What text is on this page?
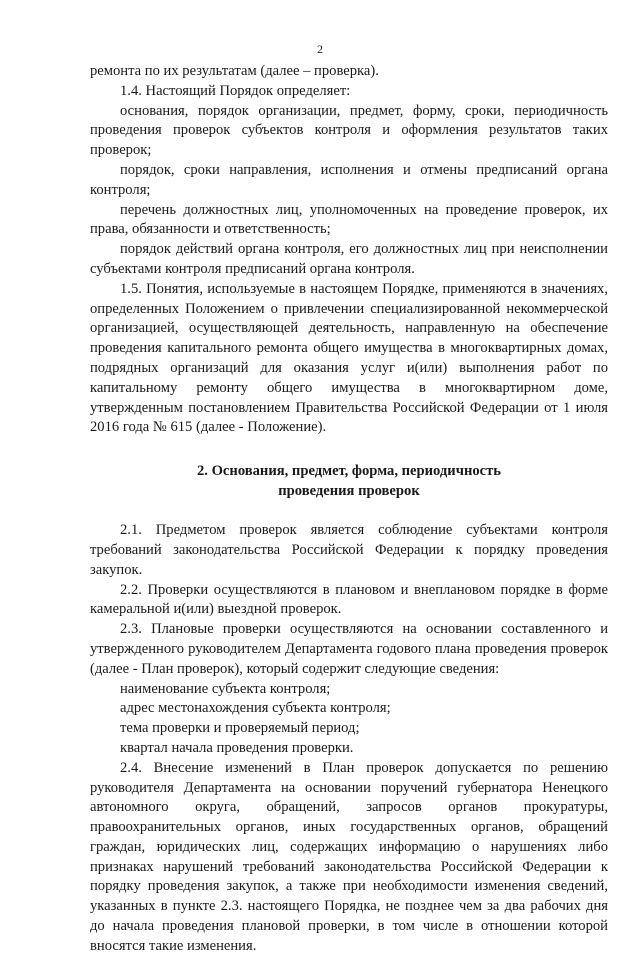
2

ремонта по их результатам (далее – проверка).

1.4. Настоящий Порядок определяет:

основания, порядок организации, предмет, форму, сроки, периодичность проведения проверок субъектов контроля и оформления результатов таких проверок;

порядок, сроки направления, исполнения и отмены предписаний органа контроля;

перечень должностных лиц, уполномоченных на проведение проверок, их права, обязанности и ответственность;

порядок действий органа контроля, его должностных лиц при неисполнении субъектами контроля предписаний органа контроля.

1.5. Понятия, используемые в настоящем Порядке, применяются в значениях, определенных Положением о привлечении специализированной некоммерческой организацией, осуществляющей деятельность, направленную на обеспечение проведения капитального ремонта общего имущества в многоквартирных домах, подрядных организаций для оказания услуг и(или) выполнения работ по капитальному ремонту общего имущества в многоквартирном доме, утвержденным постановлением Правительства Российской Федерации от 1 июля 2016 года № 615 (далее - Положение).

2. Основания, предмет, форма, периодичность
проведения проверок

2.1. Предметом проверок является соблюдение субъектами контроля требований законодательства Российской Федерации к порядку проведения закупок.

2.2. Проверки осуществляются в плановом и внеплановом порядке в форме камеральной и(или) выездной проверок.

2.3. Плановые проверки осуществляются на основании составленного и утвержденного руководителем Департамента годового плана проведения проверок (далее - План проверок), который содержит следующие сведения:

наименование субъекта контроля;

адрес местонахождения субъекта контроля;

тема проверки и проверяемый период;

квартал начала проведения проверки.

2.4. Внесение изменений в План проверок допускается по решению руководителя Департамента на основании поручений губернатора Ненецкого автономного округа, обращений, запросов органов прокуратуры, правоохранительных органов, иных государственных органов, обращений граждан, юридических лиц, содержащих информацию о нарушениях либо признаках нарушений требований законодательства Российской Федерации к порядку проведения закупок, а также при необходимости изменения сведений, указанных в пункте 2.3. настоящего Порядка, не позднее чем за два рабочих дня до начала проведения плановой проверки, в том числе в отношении которой вносятся такие изменения.
